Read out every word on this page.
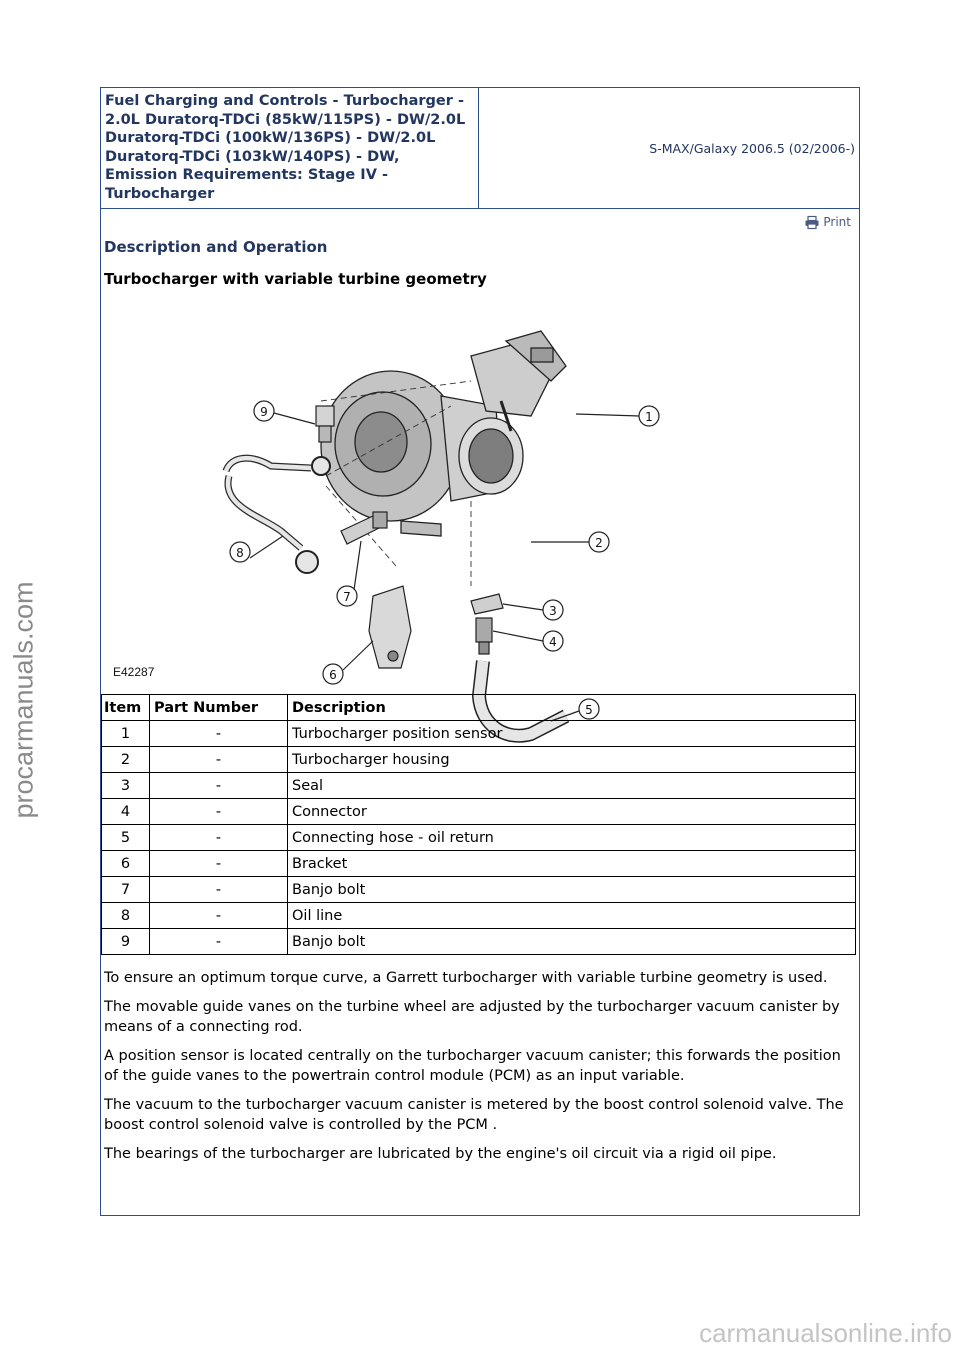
procarmanuals.com
Fuel Charging and Controls - Turbocharger - 2.0L Duratorq-TDCi (85kW/115PS) - DW/2.0L Duratorq-TDCi (100kW/136PS) - DW/2.0L Duratorq-TDCi (103kW/140PS) - DW, Emission Requirements: Stage IV - Turbocharger
S-MAX/Galaxy 2006.5 (02/2006-)
Print
Description and Operation
Turbocharger with variable turbine geometry
1
2
3
4
5
6
7
8
9
E42287
Item	Part Number	Description
1	-	Turbocharger position sensor
2	-	Turbocharger housing
3	-	Seal
4	-	Connector
5	-	Connecting hose - oil return
6	-	Bracket
7	-	Banjo bolt
8	-	Oil line
9	-	Banjo bolt

To ensure an optimum torque curve, a Garrett turbocharger with variable turbine geometry is used.

The movable guide vanes on the turbine wheel are adjusted by the turbocharger vacuum canister by means of a connecting rod.

A position sensor is located centrally on the turbocharger vacuum canister; this forwards the position of the guide vanes to the powertrain control module (PCM) as an input variable.

The vacuum to the turbocharger vacuum canister is metered by the boost control solenoid valve. The boost control solenoid valve is controlled by the PCM .

The bearings of the turbocharger are lubricated by the engine's oil circuit via a rigid oil pipe.

carmanualsonline.info
